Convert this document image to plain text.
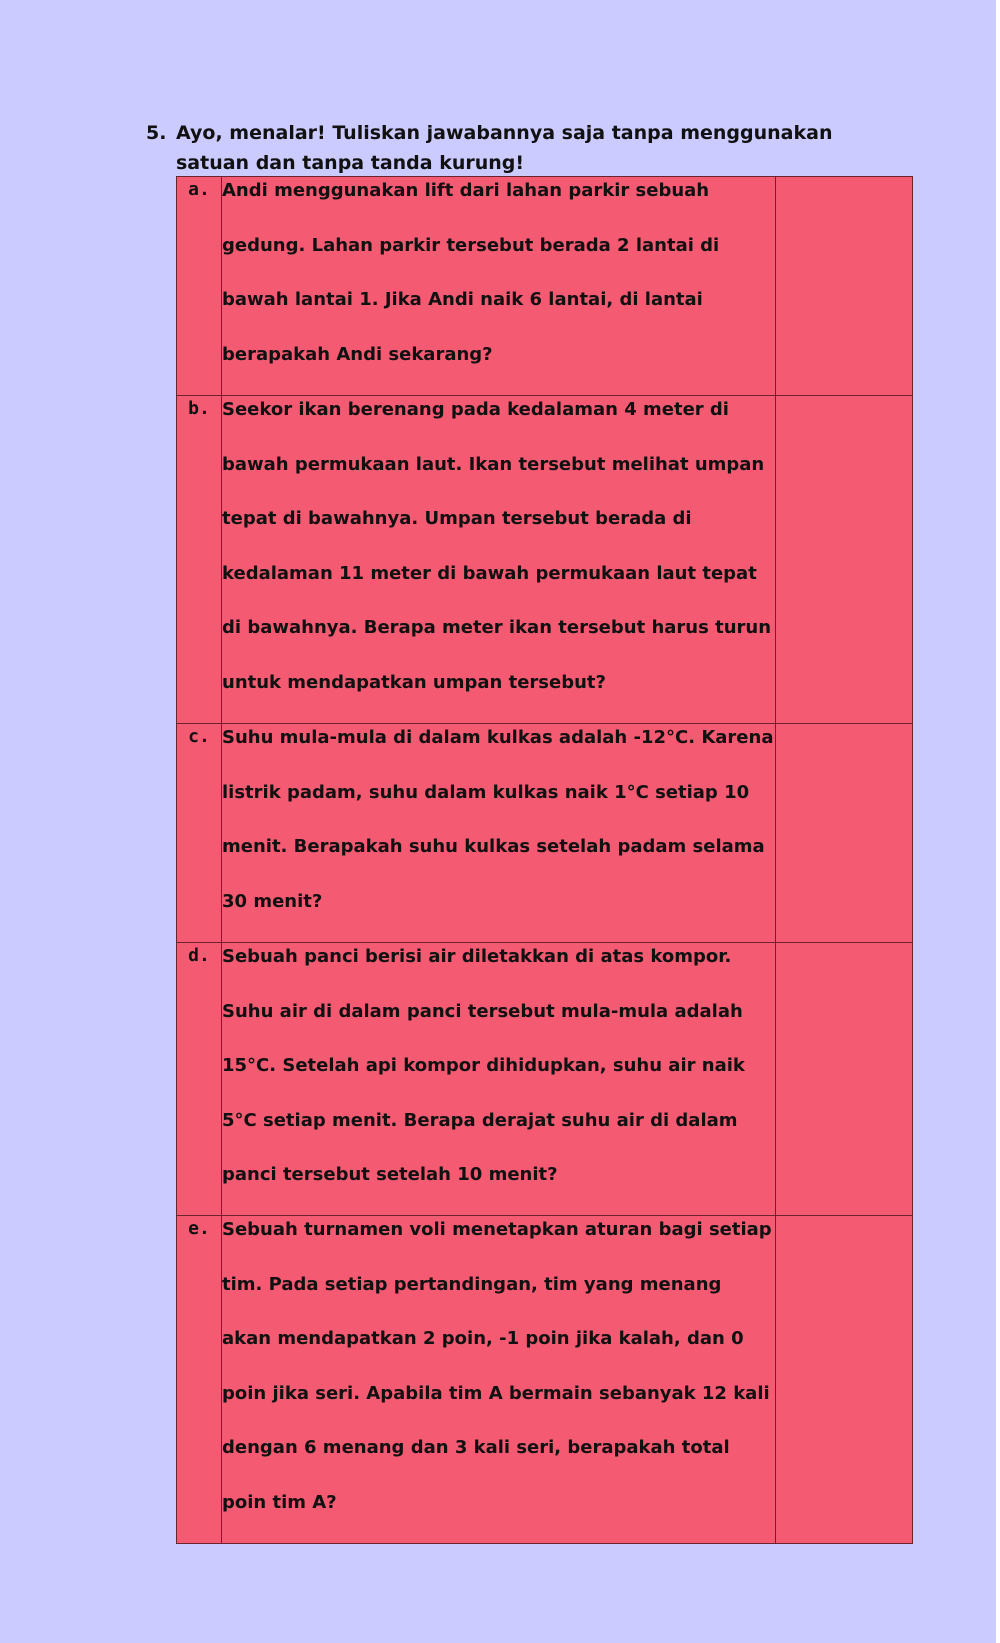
5. Ayo, menalar! Tuliskan jawabannya saja tanpa menggunakan satuan dan tanpa tanda kurung!
a.	Andi menggunakan lift dari lahan parkir sebuah gedung. Lahan parkir tersebut berada 2 lantai di bawah lantai 1. Jika Andi naik 6 lantai, di lantai berapakah Andi sekarang?

b.	Seekor ikan berenang pada kedalaman 4 meter di bawah permukaan laut. Ikan tersebut melihat umpan tepat di bawahnya. Umpan tersebut berada di kedalaman 11 meter di bawah permukaan laut tepat di bawahnya. Berapa meter ikan tersebut harus turun untuk mendapatkan umpan tersebut?

c.	Suhu mula-mula di dalam kulkas adalah -12°C. Karena listrik padam, suhu dalam kulkas naik 1°C setiap 10 menit. Berapakah suhu kulkas setelah padam selama 30 menit?

d.	Sebuah panci berisi air diletakkan di atas kompor. Suhu air di dalam panci tersebut mula-mula adalah 15°C. Setelah api kompor dihidupkan, suhu air naik 5°C setiap menit. Berapa derajat suhu air di dalam panci tersebut setelah 10 menit?

e.	Sebuah turnamen voli menetapkan aturan bagi setiap tim. Pada setiap pertandingan, tim yang menang akan mendapatkan 2 poin, -1 poin jika kalah, dan 0 poin jika seri. Apabila tim A bermain sebanyak 12 kali dengan 6 menang dan 3 kali seri, berapakah total poin tim A?
